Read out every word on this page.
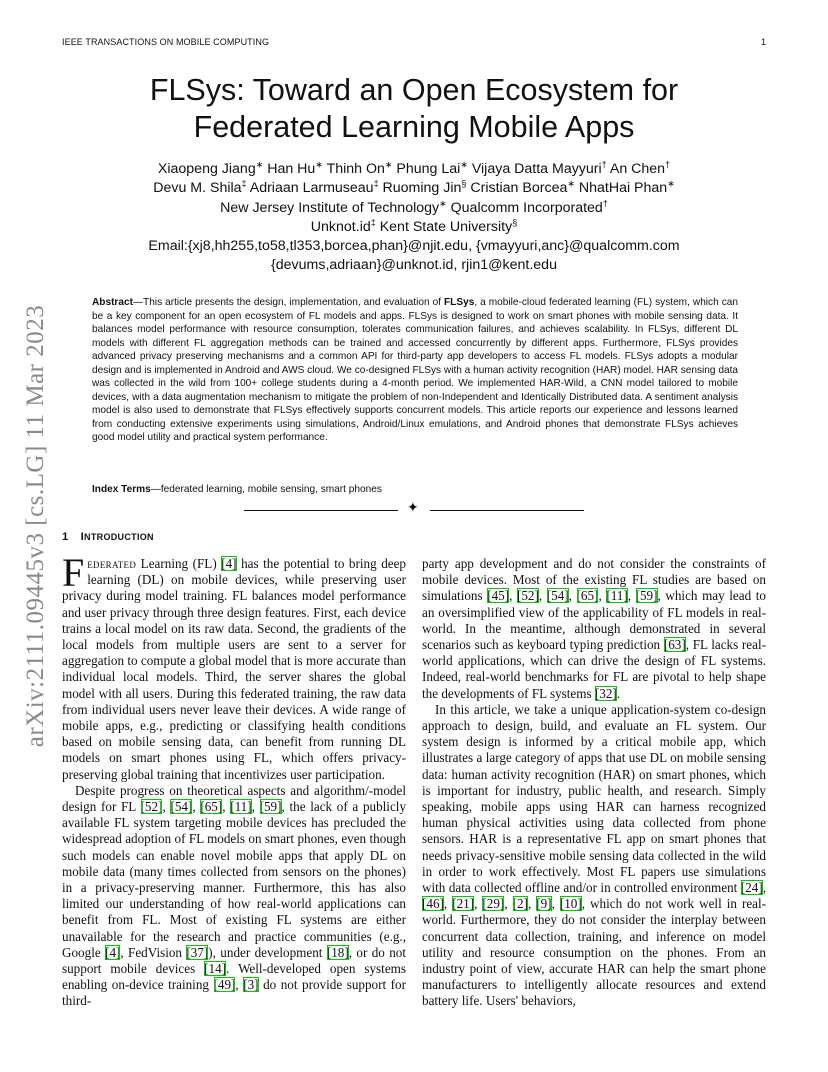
IEEE TRANSACTIONS ON MOBILE COMPUTING	1
arXiv:2111.09445v3 [cs.LG] 11 Mar 2023
FLSys: Toward an Open Ecosystem for
Federated Learning Mobile Apps
Xiaopeng Jiang∗ Han Hu∗ Thinh On∗ Phung Lai∗ Vijaya Datta Mayyuri† An Chen†
Devu M. Shila‡ Adriaan Larmuseau‡ Ruoming Jin§ Cristian Borcea∗ NhatHai Phan∗
New Jersey Institute of Technology∗ Qualcomm Incorporated†
Unknot.id‡ Kent State University§
Email:{xj8,hh255,to58,tl353,borcea,phan}@njit.edu, {vmayyuri,anc}@qualcomm.com
{devums,adriaan}@unknot.id, rjin1@kent.edu
Abstract—This article presents the design, implementation, and evaluation of FLSys, a mobile-cloud federated learning (FL) system, which can be a key component for an open ecosystem of FL models and apps. FLSys is designed to work on smart phones with mobile sensing data. It balances model performance with resource consumption, tolerates communication failures, and achieves scalability. In FLSys, different DL models with different FL aggregation methods can be trained and accessed concurrently by different apps. Furthermore, FLSys provides advanced privacy preserving mechanisms and a common API for third-party app developers to access FL models. FLSys adopts a modular design and is implemented in Android and AWS cloud. We co-designed FLSys with a human activity recognition (HAR) model. HAR sensing data was collected in the wild from 100+ college students during a 4-month period. We implemented HAR-Wild, a CNN model tailored to mobile devices, with a data augmentation mechanism to mitigate the problem of non-Independent and Identically Distributed data. A sentiment analysis model is also used to demonstrate that FLSys effectively supports concurrent models. This article reports our experience and lessons learned from conducting extensive experiments using simulations, Android/Linux emulations, and Android phones that demonstrate FLSys achieves good model utility and practical system performance.
Index Terms—federated learning, mobile sensing, smart phones
✦
1 INTRODUCTION

Federated Learning (FL) [4] has the potential to bring deep learning (DL) on mobile devices, while preserving user privacy during model training. FL balances model performance and user privacy through three design features. First, each device trains a local model on its raw data. Second, the gradients of the local models from multiple users are sent to a server for aggregation to compute a global model that is more accurate than individual local models. Third, the server shares the global model with all users. During this federated training, the raw data from individual users never leave their devices. A wide range of mobile apps, e.g., predicting or classifying health conditions based on mobile sensing data, can benefit from running DL models on smart phones using FL, which offers privacy-preserving global training that incentivizes user participation.

Despite progress on theoretical aspects and algorithm/-model design for FL [52], [54], [65], [11], [59], the lack of a publicly available FL system targeting mobile devices has precluded the widespread adoption of FL models on smart phones, even though such models can enable novel mobile apps that apply DL on mobile data (many times collected from sensors on the phones) in a privacy-preserving manner. Furthermore, this has also limited our understanding of how real-world applications can benefit from FL. Most of existing FL systems are either unavailable for the research and practice communities (e.g., Google [4], FedVision [37]), under development [18], or do not support mobile devices [14]. Well-developed open systems enabling on-device training [49], [3] do not provide support for third-

party app development and do not consider the constraints of mobile devices. Most of the existing FL studies are based on simulations [45], [52], [54], [65], [11], [59], which may lead to an oversimplified view of the applicability of FL models in real-world. In the meantime, although demonstrated in several scenarios such as keyboard typing prediction [63], FL lacks real-world applications, which can drive the design of FL systems. Indeed, real-world benchmarks for FL are pivotal to help shape the developments of FL systems [32].

In this article, we take a unique application-system co-design approach to design, build, and evaluate an FL system. Our system design is informed by a critical mobile app, which illustrates a large category of apps that use DL on mobile sensing data: human activity recognition (HAR) on smart phones, which is important for industry, public health, and research. Simply speaking, mobile apps using HAR can harness recognized human physical activities using data collected from phone sensors. HAR is a representative FL app on smart phones that needs privacy-sensitive mobile sensing data collected in the wild in order to work effectively. Most FL papers use simulations with data collected offline and/or in controlled environment [24], [46], [21], [29], [2], [9], [10], which do not work well in real-world. Furthermore, they do not consider the interplay between concurrent data collection, training, and inference on model utility and resource consumption on the phones. From an industry point of view, accurate HAR can help the smart phone manufacturers to intelligently allocate resources and extend battery life. Users' behaviors,
